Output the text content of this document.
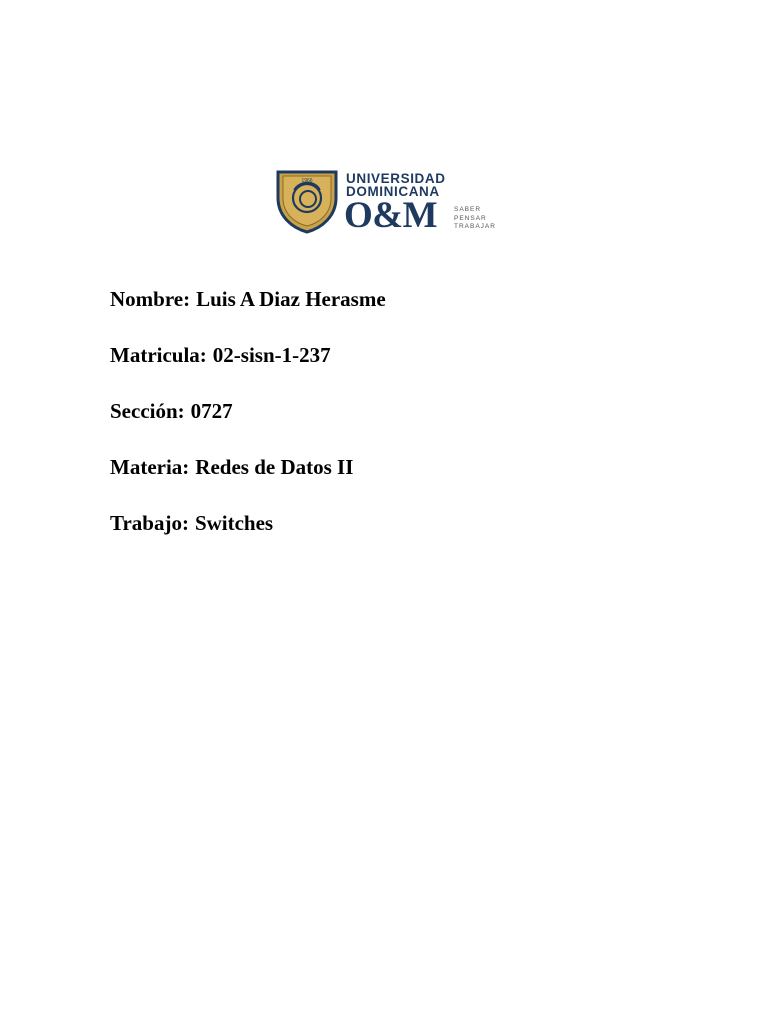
1966 UNIVERSIDAD
DOMINICANA
O&M	SABER
PENSAR
TRABAJAR
Nombre: Luis A Diaz Herasme
Matricula: 02-sisn-1-237
Sección: 0727
Materia: Redes de Datos II
Trabajo: Switches
